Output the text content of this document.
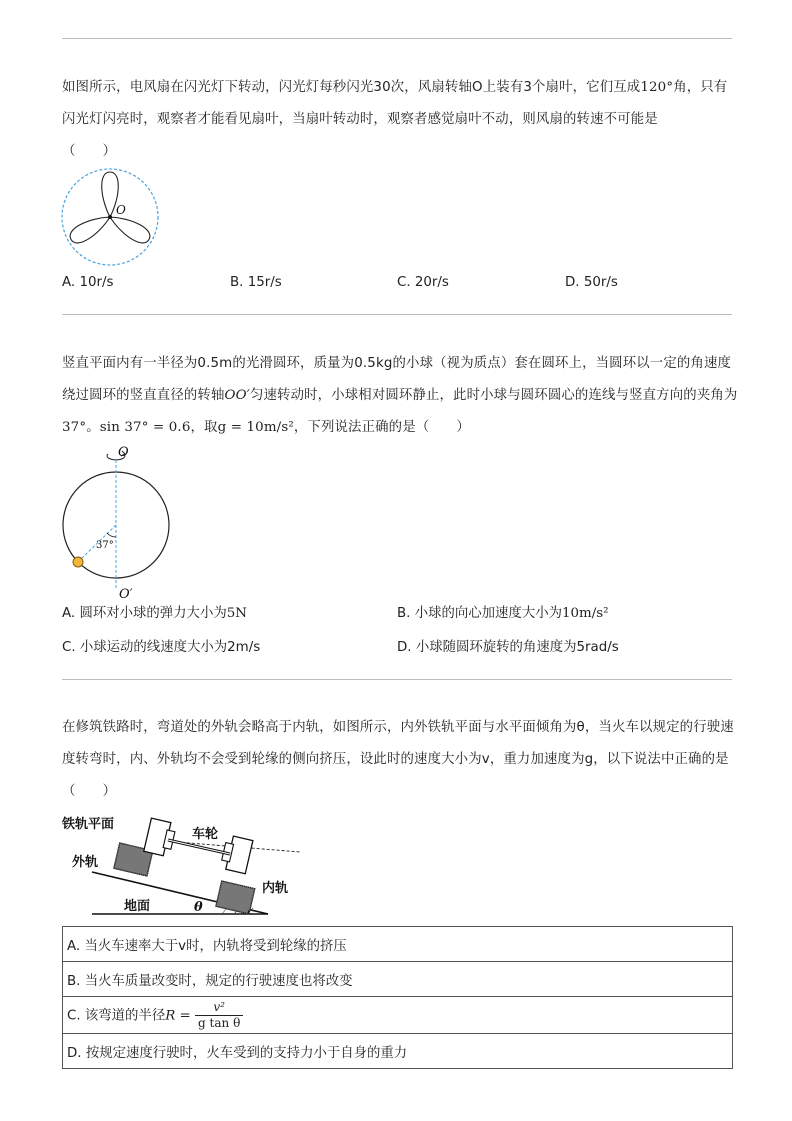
如图所示，电风扇在闪光灯下转动，闪光灯每秒闪光30次，风扇转轴O上装有3个扇叶，它们互成120°角，只有闪光灯闪亮时，观察者才能看见扇叶，当扇叶转动时，观察者感觉扇叶不动，则风扇的转速不可能是
（　　）
O
A. 10r/s	B. 15r/s	C. 20r/s	D. 50r/s
竖直平面内有一半径为0.5m的光滑圆环，质量为0.5kg的小球（视为质点）套在圆环上，当圆环以一定的角速度绕过圆环的竖直直径的转轴OO′匀速转动时，小球相对圆环静止，此时小球与圆环圆心的连线与竖直方向的夹角为37°。sin 37° = 0.6，取g = 10m/s²，下列说法正确的是（　　）
O
37°
O′
A. 圆环对小球的弹力大小为5N	B. 小球的向心加速度大小为10m/s²
C. 小球运动的线速度大小为2m/s	D. 小球随圆环旋转的角速度为5rad/s
在修筑铁路时，弯道处的外轨会略高于内轨，如图所示，内外铁轨平面与水平面倾角为θ，当火车以规定的行驶速度转弯时，内、外轨均不会受到轮缘的侧向挤压，设此时的速度大小为v，重力加速度为g，以下说法中正确的是（　　）
铁轨平面
车轮
外轨
内轨
地面	θ
A. 当火车速率大于v时，内轨将受到轮缘的挤压
B. 当火车质量改变时，规定的行驶速度也将改变
C. 该弯道的半径$R = \frac{\text{v²}}{\text{g tan θ}}$

D. 按规定速度行驶时，火车受到的支持力小于自身的重力
